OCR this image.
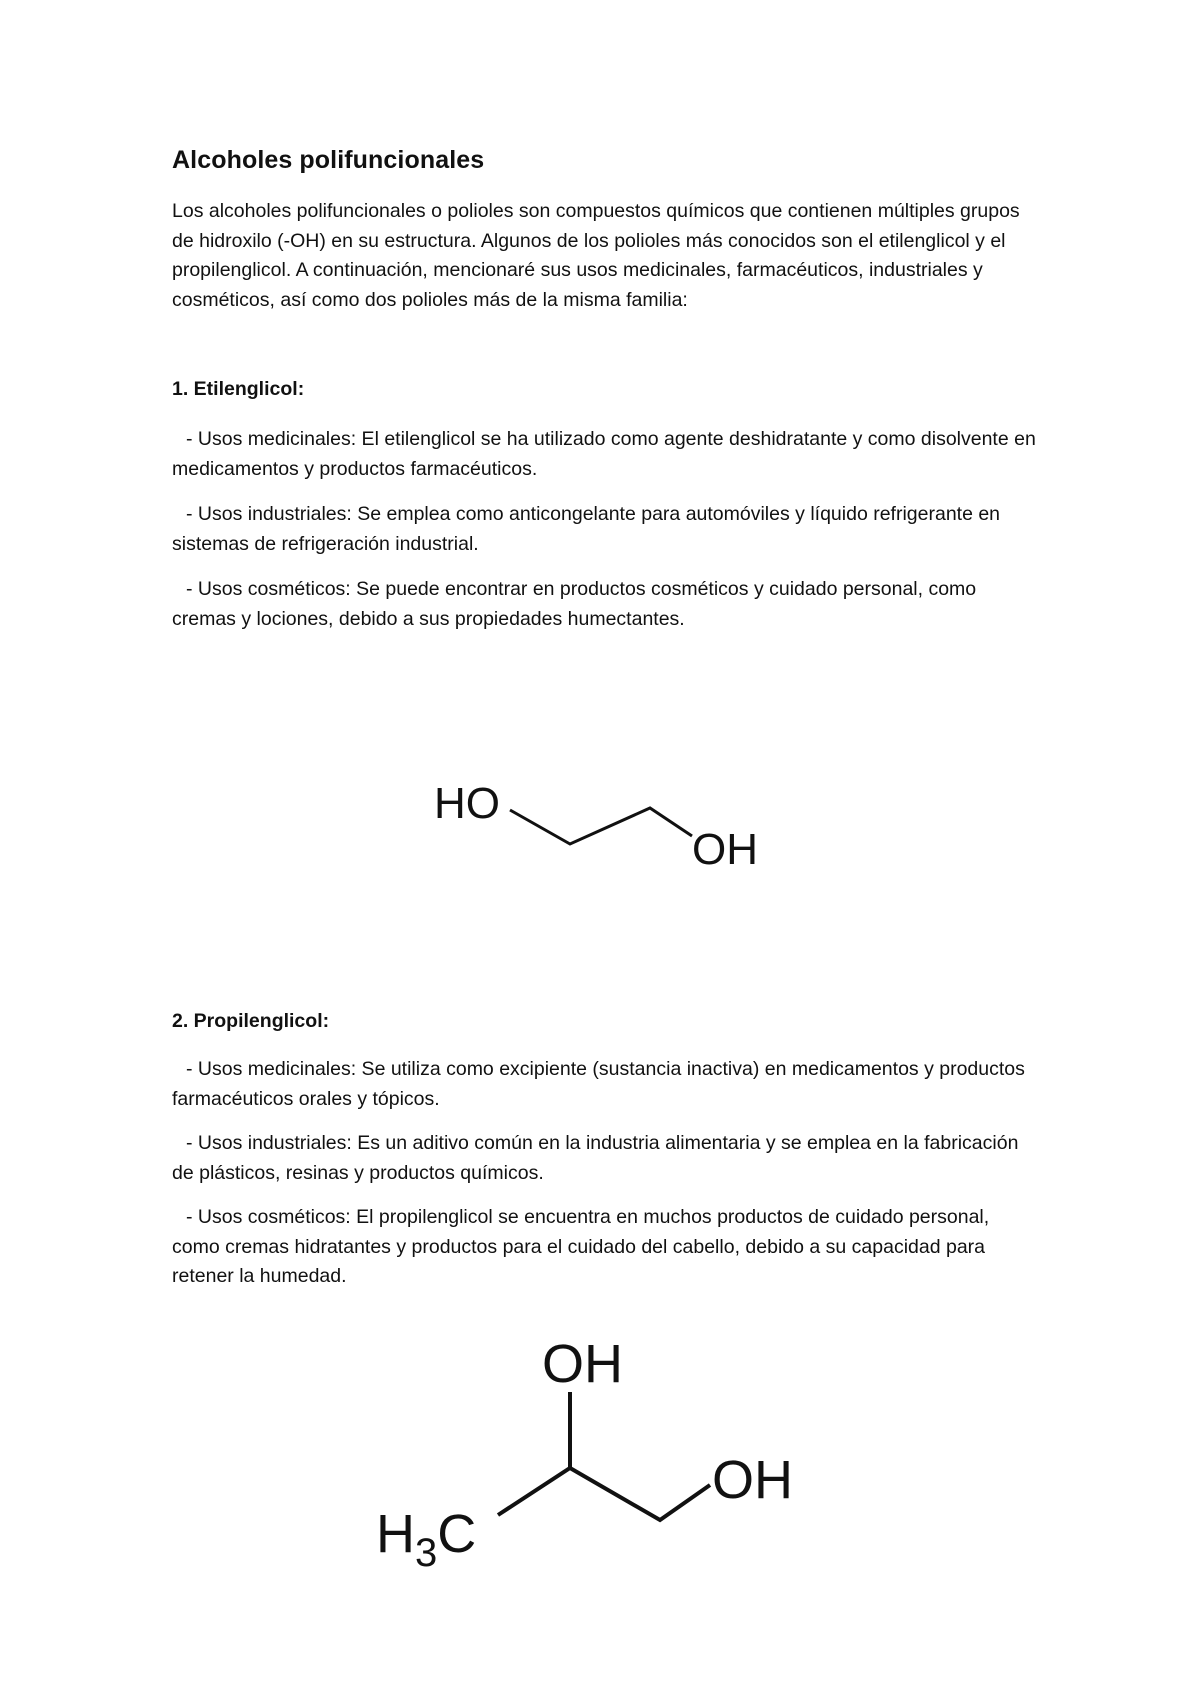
Alcoholes polifuncionales

Los alcoholes polifuncionales o polioles son compuestos químicos que contienen múltiples grupos de hidroxilo (-OH) en su estructura. Algunos de los polioles más conocidos son el etilenglicol y el propilenglicol. A continuación, mencionaré sus usos medicinales, farmacéuticos, industriales y cosméticos, así como dos polioles más de la misma familia:

1. Etilenglicol:

- Usos medicinales: El etilenglicol se ha utilizado como agente deshidratante y como disolvente en medicamentos y productos farmacéuticos.

- Usos industriales: Se emplea como anticongelante para automóviles y líquido refrigerante en sistemas de refrigeración industrial.

- Usos cosméticos: Se puede encontrar en productos cosméticos y cuidado personal, como cremas y lociones, debido a sus propiedades humectantes.

HO
OH
2. Propilenglicol:

- Usos medicinales: Se utiliza como excipiente (sustancia inactiva) en medicamentos y productos farmacéuticos orales y tópicos.

- Usos industriales: Es un aditivo común en la industria alimentaria y se emplea en la fabricación de plásticos, resinas y productos químicos.

- Usos cosméticos: El propilenglicol se encuentra en muchos productos de cuidado personal, como cremas hidratantes y productos para el cuidado del cabello, debido a su capacidad para retener la humedad.

OH
OH
$H_3C$
